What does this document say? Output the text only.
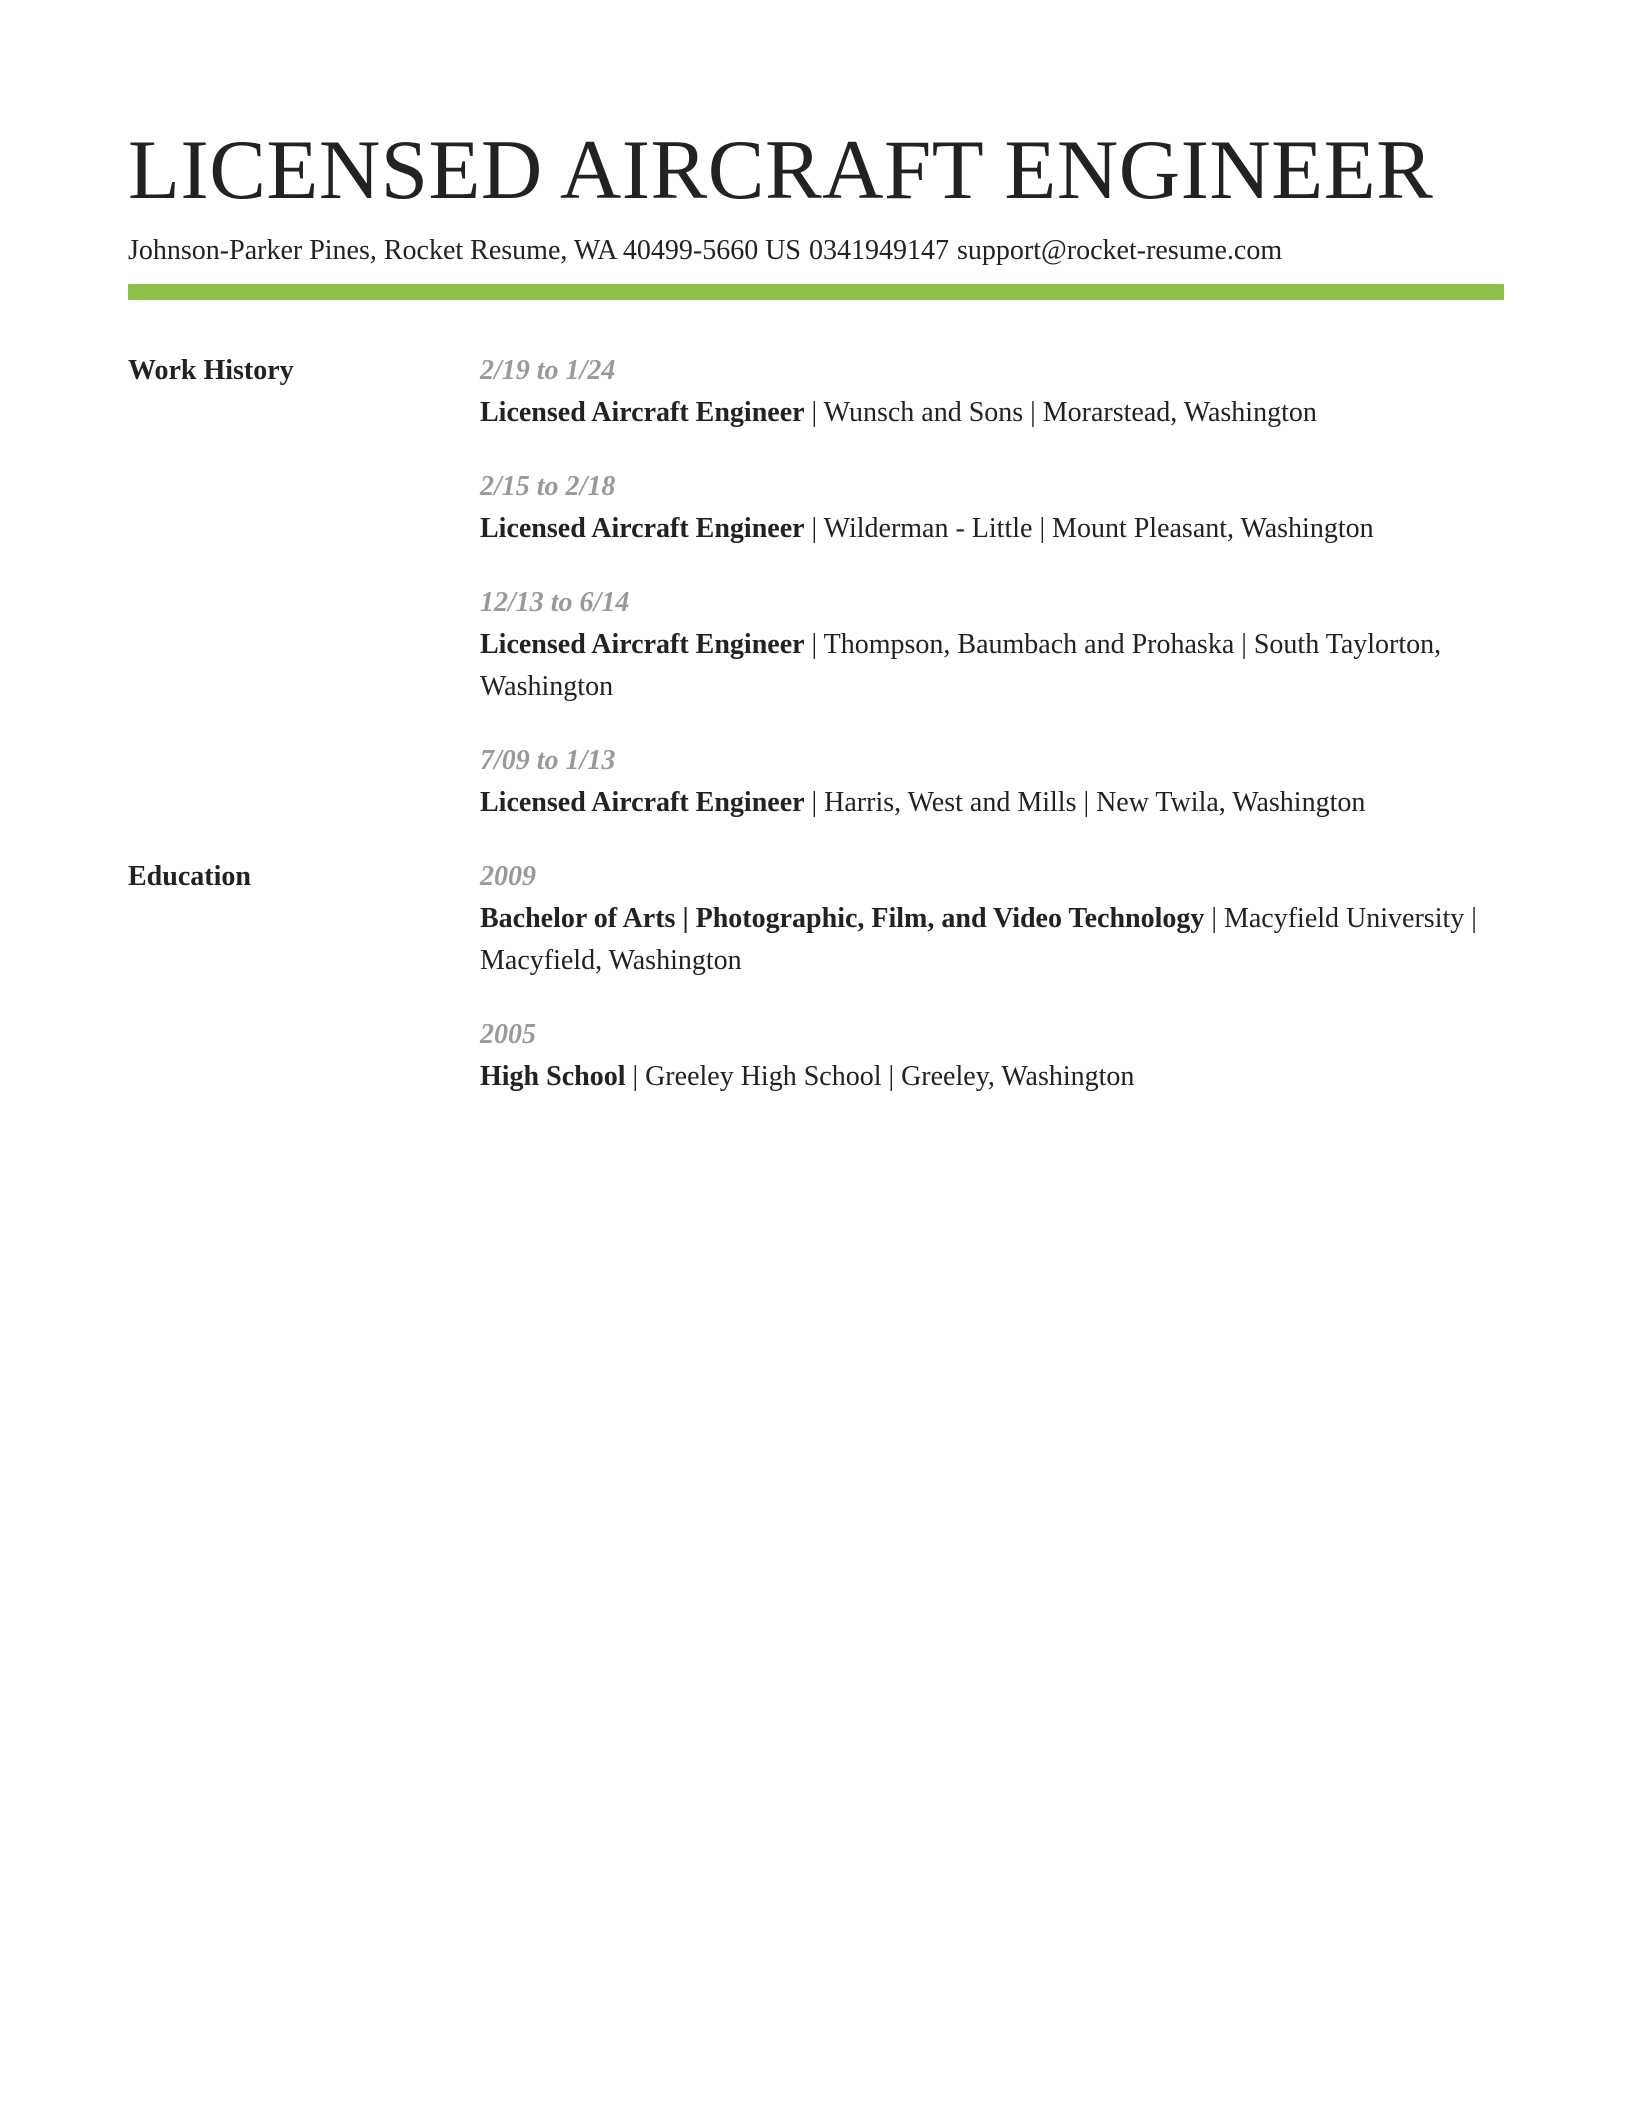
LICENSED AIRCRAFT ENGINEER
Johnson-Parker Pines, Rocket Resume, WA 40499-5660 US 0341949147 support@rocket-resume.com
Work History	2/19 to 1/24
Licensed Aircraft Engineer | Wunsch and Sons | Morarstead, Washington
2/15 to 2/18
Licensed Aircraft Engineer | Wilderman - Little | Mount Pleasant, Washington
12/13 to 6/14
Licensed Aircraft Engineer | Thompson, Baumbach and Prohaska | South Taylorton, Washington
7/09 to 1/13
Licensed Aircraft Engineer | Harris, West and Mills | New Twila, Washington
Education	2009
Bachelor of Arts | Photographic, Film, and Video Technology | Macyfield University | Macyfield, Washington
2005
High School | Greeley High School | Greeley, Washington
